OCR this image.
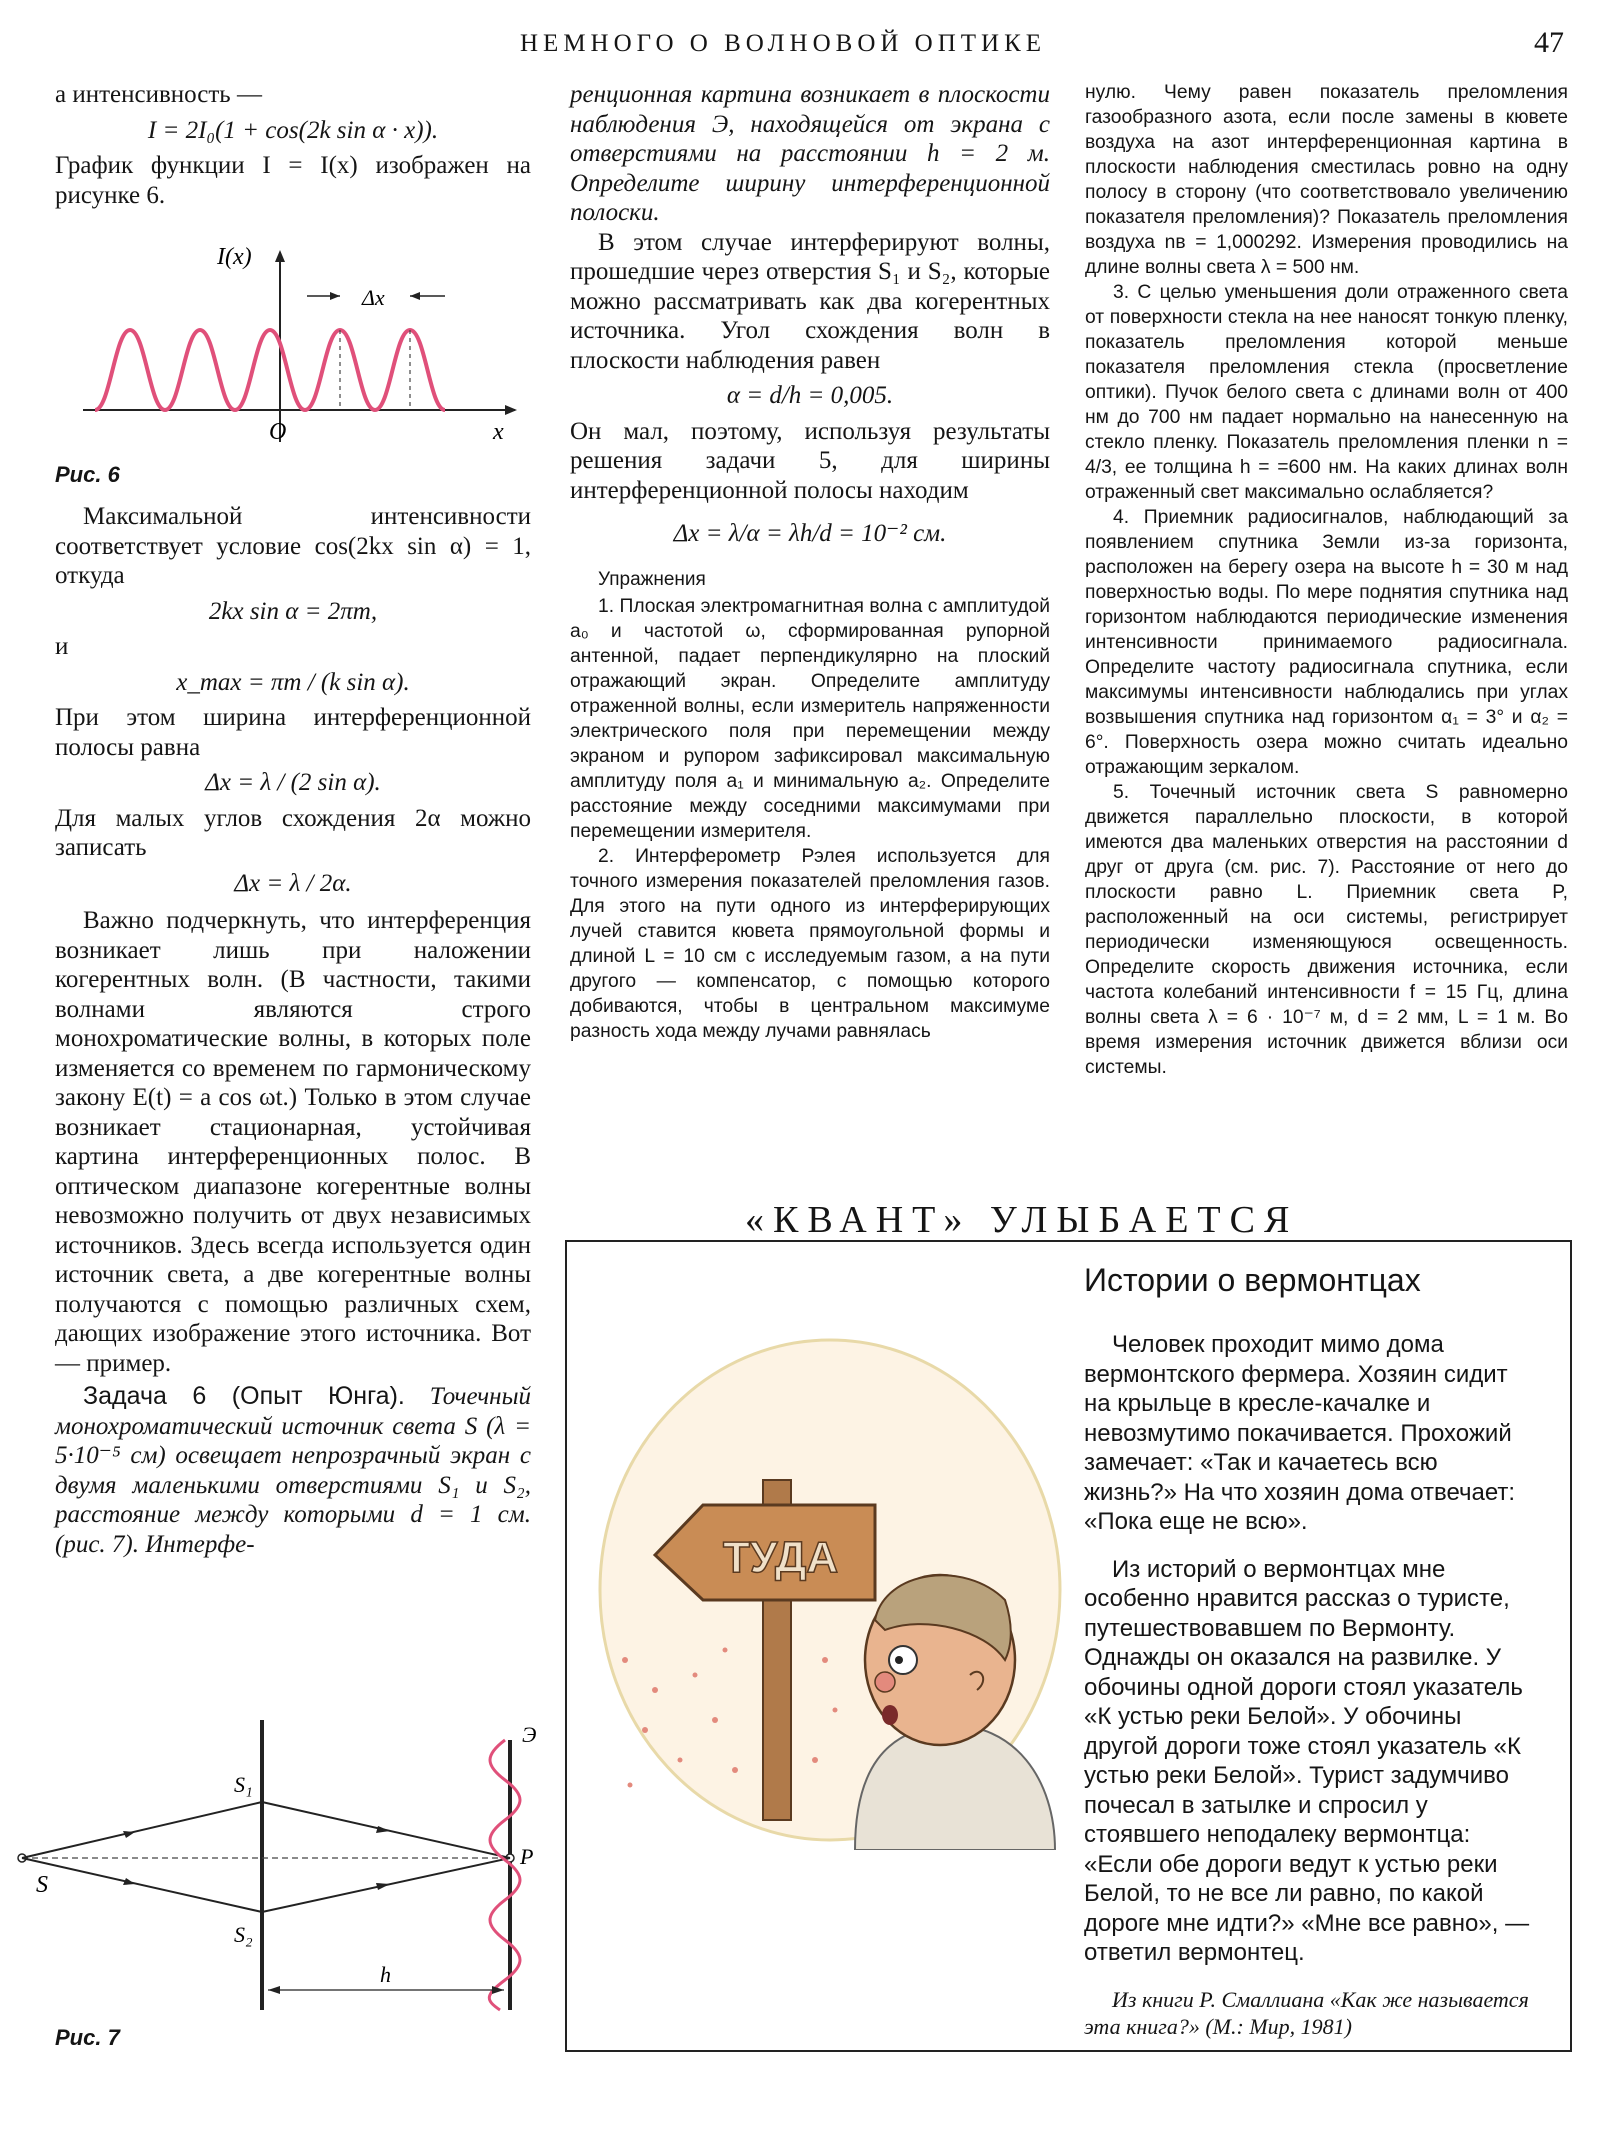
НЕМНОГО О ВОЛНОВОЙ ОПТИКЕ	47

а интенсивность —

I = 2I₀(1 + cos(2k sin α · x)).

График функции I = I(x) изображен на рисунке 6.

I(x)
Δx
O	x
Рис. 6

Максимальной интенсивности соответствует условие cos(2kx sin α) = 1, откуда

2kx sin α = 2πm,

и

x_max = πm / (k sin α).

При этом ширина интерференционной полосы равна

Δx = λ / (2 sin α).

Для малых углов схождения 2α можно записать

Δx = λ / 2α.

Важно подчеркнуть, что интерференция возникает лишь при наложении когерентных волн. (В частности, такими волнами являются строго монохроматические волны, в которых поле изменяется со временем по гармоническому закону E(t) = a cos ωt.) Только в этом случае возникает стационарная, устойчивая картина интерференционных полос. В оптическом диапазоне когерентные волны невозможно получить от двух независимых источников. Здесь всегда используется один источник света, а две когерентные волны получаются с помощью различных схем, дающих изображение этого источника. Вот — пример.

Задача 6 (Опыт Юнга). Точечный монохроматический источник света S (λ = 5·10⁻⁵ см) освещает непрозрачный экран с двумя маленькими отверстиями S₁ и S₂, расстояние между которыми d = 1 см. (рис. 7). Интерфе-

S
S₁
S₂
P
Э
h
Рис. 7

ренционная картина возникает в плоскости наблюдения Э, находящейся от экрана с отверстиями на расстоянии h = 2 м. Определите ширину интерференционной полоски.

В этом случае интерферируют волны, прошедшие через отверстия S₁ и S₂, которые можно рассматривать как два когерентных источника. Угол схождения волн в плоскости наблюдения равен

α = d/h = 0,005.

Он мал, поэтому, используя результаты решения задачи 5, для ширины интерференционной полосы находим

Δx = λ/α = λh/d = 10⁻² см.
Упражнения

1. Плоская электромагнитная волна с амплитудой a₀ и частотой ω, сформированная рупорной антенной, падает перпендикулярно на плоский отражающий экран. Определите амплитуду отраженной волны, если измеритель напряженности электрического поля при перемещении между экраном и рупором зафиксировал максимальную амплитуду поля a₁ и минимальную a₂. Определите расстояние между соседними максимумами при перемещении измерителя.

2. Интерферометр Рэлея используется для точного измерения показателей преломления газов. Для этого на пути одного из интерферирующих лучей ставится кювета прямоугольной формы и длиной L = 10 см с исследуемым газом, а на пути другого — компенсатор, с помощью которого добиваются, чтобы в центральном максимуме разность хода между лучами равнялась

нулю. Чему равен показатель преломления газообразного азота, если после замены в кювете воздуха на азот интерференционная картина в плоскости наблюдения сместилась ровно на одну полосу в сторону (что соответствовало увеличению показателя преломления)? Показатель преломления воздуха nв = 1,000292. Измерения проводились на длине волны света λ = 500 нм.

3. С целью уменьшения доли отраженного света от поверхности стекла на нее наносят тонкую пленку, показатель преломления которой меньше показателя преломления стекла (просветление оптики). Пучок белого света с длинами волн от 400 нм до 700 нм падает нормально на нанесенную на стекло пленку. Показатель преломления пленки n = 4/3, ее толщина h = =600 нм. На каких длинах волн отраженный свет максимально ослабляется?

4. Приемник радиосигналов, наблюдающий за появлением спутника Земли из-за горизонта, расположен на берегу озера на высоте h = 30 м над поверхностью воды. По мере поднятия спутника над горизонтом наблюдаются периодические изменения интенсивности принимаемого радиосигнала. Определите частоту радиосигнала спутника, если максимумы интенсивности наблюдались при углах возвышения спутника над горизонтом α₁ = 3° и α₂ = 6°. Поверхность озера можно считать идеально отражающим зеркалом.

5. Точечный источник света S равномерно движется параллельно плоскости, в которой имеются два маленьких отверстия на расстоянии d друг от друга (см. рис. 7). Расстояние от него до плоскости равно L. Приемник света P, расположенный на оси системы, регистрирует периодически изменяющуюся освещенность. Определите скорость движения источника, если частота колебаний интенсивности f = 15 Гц, длина волны света λ = 6 · 10⁻⁷ м, d = 2 мм, L = 1 м. Во время измерения источник движется вблизи оси системы.

«КВАНТ» УЛЫБАЕТСЯ
ТУДА
Истории о вермонтцах

Человек проходит мимо дома вермонтского фермера. Хозяин сидит на крыльце в кресле-качалке и невозмутимо покачивается. Прохожий замечает: «Так и качаетесь всю жизнь?» На что хозяин дома отвечает: «Пока еще не всю».

Из историй о вермонтцах мне особенно нравится рассказ о туристе, путешествовавшем по Вермонту. Однажды он оказался на развилке. У обочины одной дороги стоял указатель «К устью реки Белой». У обочины другой дороги тоже стоял указатель «К устью реки Белой». Турист задумчиво почесал в затылке и спросил у стоявшего неподалеку вермонтца: «Если обе дороги ведут к устью реки Белой, то не все ли равно, по какой дороге мне идти?» «Мне все равно», — ответил вермонтец.

Из книги Р. Смаллиана «Как же называется эта книга?» (М.: Мир, 1981)
